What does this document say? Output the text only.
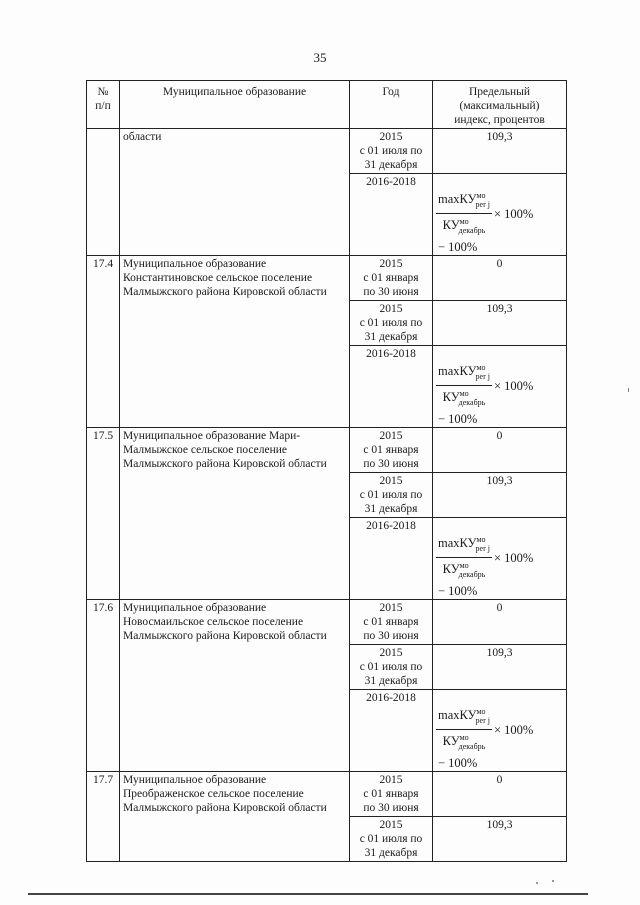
35
№
п/п	Муниципальное образование	Год	Предельный
(максимальный)
индекс, процентов
	области	2015
с 01 июля по
31 декабря	109,3
		2016-2018	$\frac{\max КУ^{мо}_{per j}}{КУ^{мо}_{декабрь}} \times 100\%$
− 100%

17.4	Муниципальное образование Константиновское сельское поселение Малмыжского района Кировской области	2015
с 01 января
по 30 июня	0
		2015
с 01 июля по
31 декабря	109,3
		2016-2018	$\frac{\max КУ^{мо}_{per j}}{КУ^{мо}_{декабрь}} \times 100\%$
− 100%

17.5	Муниципальное образование Мари-Малмыжское сельское поселение Малмыжского района Кировской области	2015
с 01 января
по 30 июня	0
		2015
с 01 июля по
31 декабря	109,3
		2016-2018	$\frac{\max КУ^{мо}_{per j}}{КУ^{мо}_{декабрь}} \times 100\%$
− 100%

17.6	Муниципальное образование Новосмаильское сельское поселение Малмыжского района Кировской области	2015
с 01 января
по 30 июня	0
		2015
с 01 июля по
31 декабря	109,3
		2016-2018	$\frac{\max КУ^{мо}_{per j}}{КУ^{мо}_{декабрь}} \times 100\%$
− 100%

17.7	Муниципальное образование Преображенское сельское поселение Малмыжского района Кировской области	2015
с 01 января
по 30 июня	0
		2015
с 01 июля по
31 декабря	109,3
